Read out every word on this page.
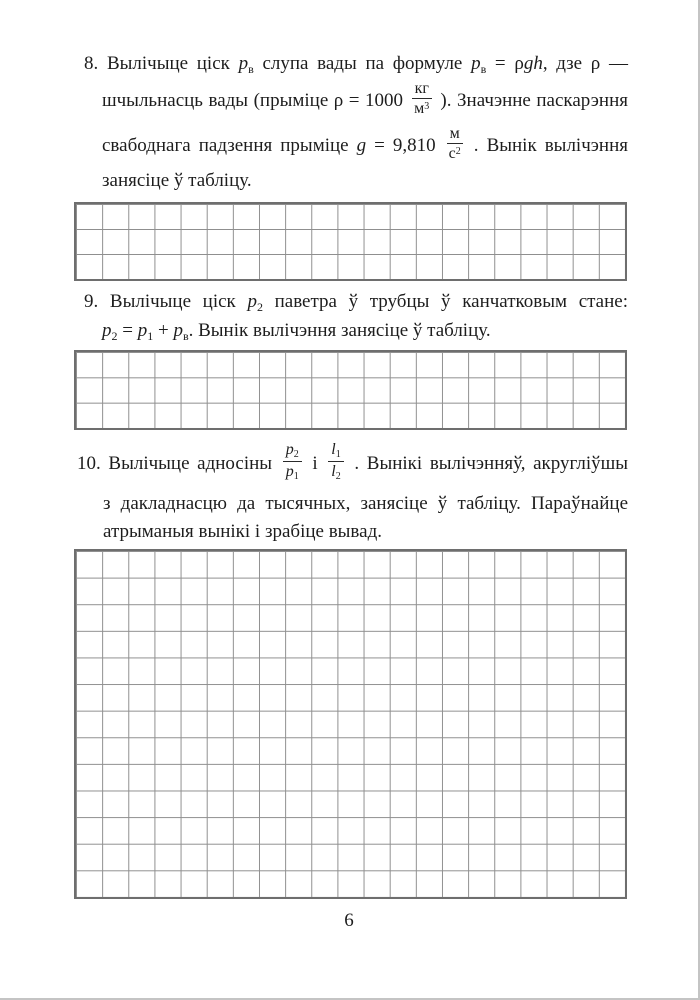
8. Вылічыце ціск $p_в$ слупа вады па формуле $p_в = \rho gh$, дзе ρ —
шчыльнасць вады (прыміце $\rho = 1000 \frac{кг}{м^3}$ ). Значэнне паскарэння
свабоднага падзення прыміце $g = 9,810 \frac{м}{с^2}$ . Вынік вылічэння
занясіце ў табліцу.
9. Вылічыце ціск $p_2$ паветра ў трубцы ў канчатковым стане:
$p_2 = p_1 + p_в$. Вынік вылічэння занясіце ў табліцу.
10. Вылічыце адносіны $\frac{p2}{p1}$ і $\frac{l1}{l2}$ . Вынікі вылічэнняў, акругліўшы
з дакладнасцю да тысячных, занясіце ў табліцу. Параўнайце
атрыманыя вынікі і зрабіце вывад.
6
